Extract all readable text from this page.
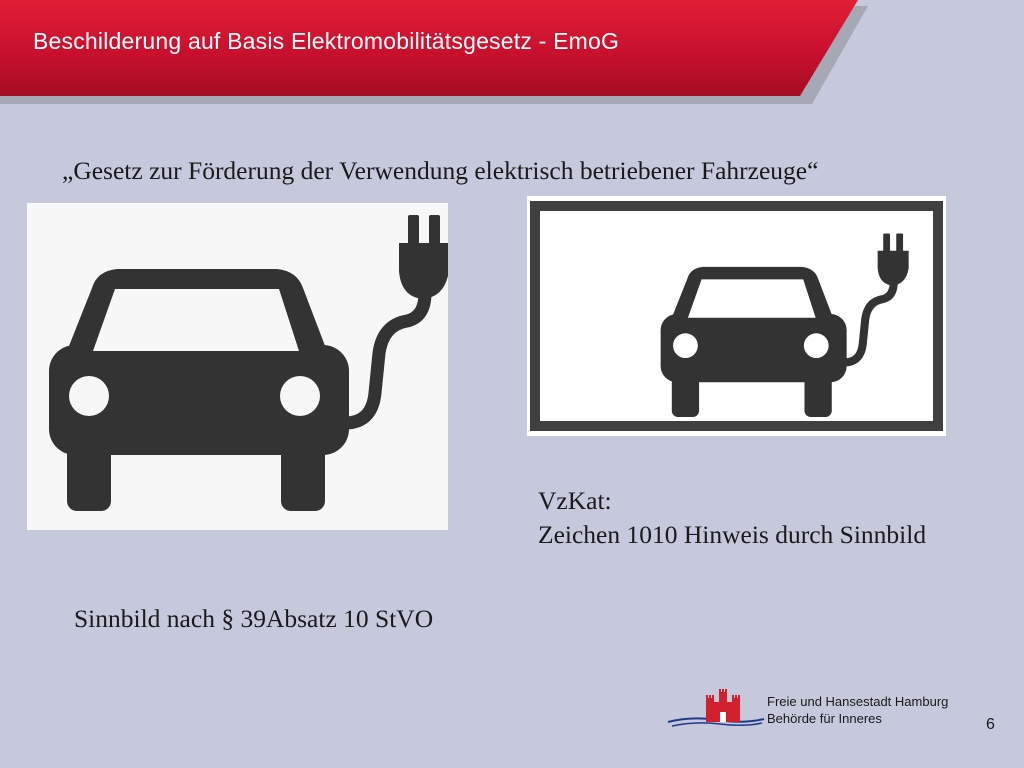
Beschilderung auf Basis Elektromobilitätsgesetz - EmoG
„Gesetz zur Förderung der Verwendung elektrisch betriebener Fahrzeuge“
VzKat:
Zeichen 1010 Hinweis durch Sinnbild
Sinnbild nach § 39Absatz 10 StVO
Freie und Hansestadt Hamburg
Behörde für Inneres	6
